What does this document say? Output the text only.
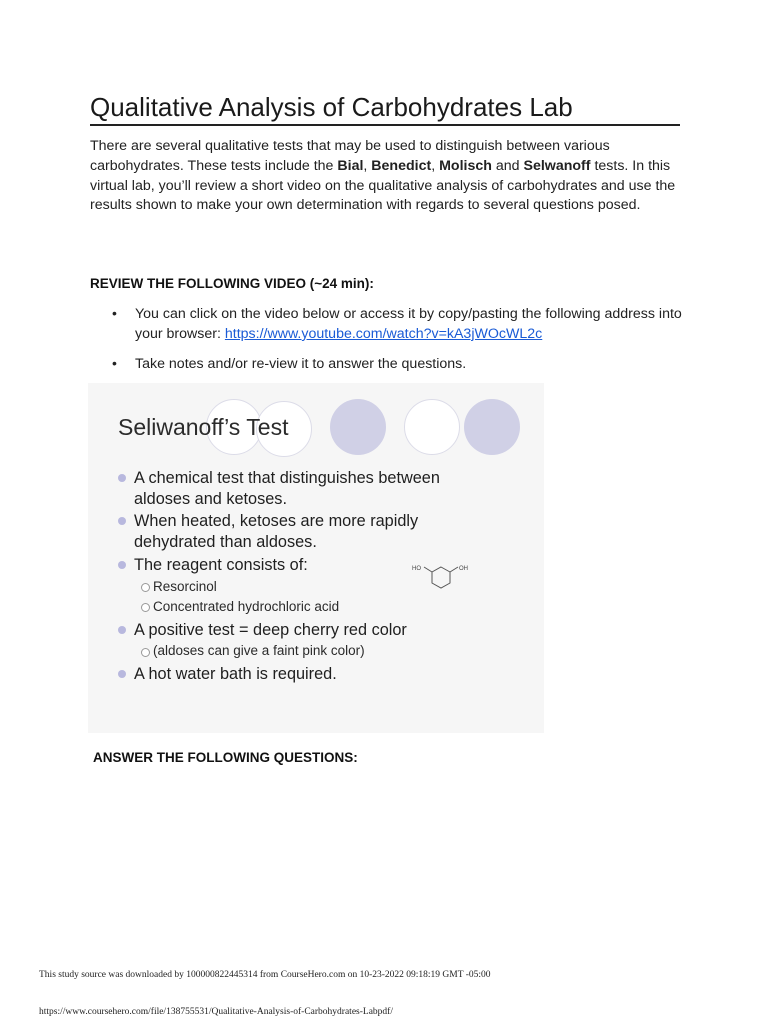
Qualitative Analysis of Carbohydrates Lab
There are several qualitative tests that may be used to distinguish between various carbohydrates. These tests include the Bial, Benedict, Molisch and Selwanoff tests. In this virtual lab, you’ll review a short video on the qualitative analysis of carbohydrates and use the results shown to make your own determination with regards to several questions posed.
REVIEW THE FOLLOWING VIDEO (~24 min):
• You can click on the video below or access it by copy/pasting the following address into your browser: https://www.youtube.com/watch?v=kA3jWOcWL2c
• Take notes and/or re-view it to answer the questions.
Seliwanoff’s Test
A chemical test that distinguishes between aldoses and ketoses.
When heated, ketoses are more rapidly dehydrated than aldoses.
The reagent consists of:
Resorcinol
Concentrated hydrochloric acid
HO	OH
A positive test = deep cherry red color
(aldoses can give a faint pink color)
A hot water bath is required.
ANSWER THE FOLLOWING QUESTIONS:
This study source was downloaded by 100000822445314 from CourseHero.com on 10-23-2022 09:18:19 GMT -05:00
https://www.coursehero.com/file/138755531/Qualitative-Analysis-of-Carbohydrates-Labpdf/
